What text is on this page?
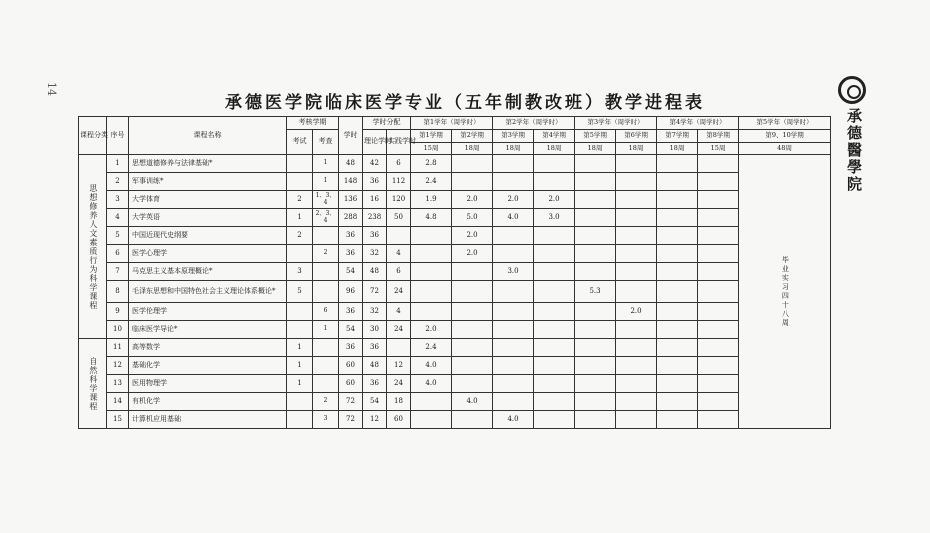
14
承德医学院临床医学专业（五年制教改班）教学进程表
承德醫學院
课程分类	序号	课程名称	考核学期		学时	学时分配		第1学年（周学时）		第2学年（周学时）		第3学年（周学时）		第4学年（周学时）		第5学年（周学时）
			考试	考查		理论学时	实践学时	第1学期	第2学期	第3学期	第4学期	第5学期	第6学期	第7学期	第8学期	第9、10学期
								15周	18周	18周	18周	18周	18周	18周	15周	48周
思想修养人文素质行为科学课程	1	思想道德修养与法律基础*		1	48	42	6	2.8								毕业实习四十八周
	2	军事训练*		1	148	36	112	2.4								
	3	大学体育	2	1、3、4	136	16	120	1.9	2.0	2.0	2.0					
	4	大学英语	1	2、3、4	288	238	50	4.8	5.0	4.0	3.0					
	5	中国近现代史纲要	2		36	36			2.0							
	6	医学心理学		2	36	32	4		2.0							
	7	马克思主义基本原理概论*	3		54	48	6			3.0						
	8	毛泽东思想和中国特色社会主义理论体系概论*	5		96	72	24					5.3				
	9	医学伦理学		6	36	32	4						2.0			
	10	临床医学导论*		1	54	30	24	2.0								
自然科学课程	11	高等数学	1		36	36		2.4								
	12	基础化学	1		60	48	12	4.0								
	13	医用物理学	1		60	36	24	4.0								
	14	有机化学		2	72	54	18		4.0							
	15	计算机应用基础		3	72	12	60			4.0						
